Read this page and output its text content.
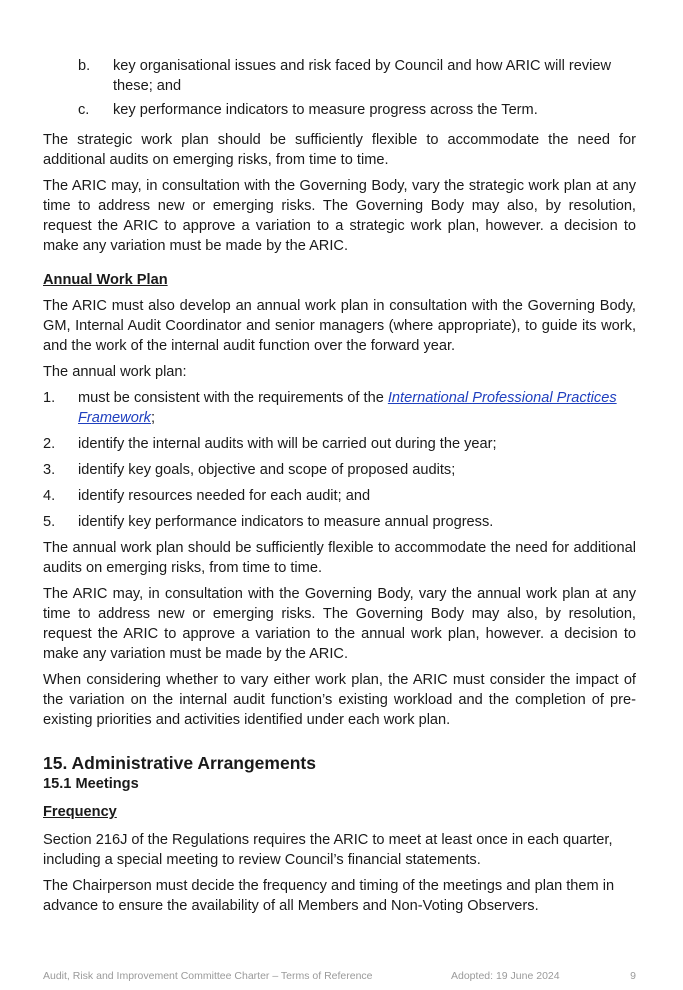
b.	key organisational issues and risk faced by Council and how ARIC will review these; and
c.	key performance indicators to measure progress across the Term.

The strategic work plan should be sufficiently flexible to accommodate the need for additional audits on emerging risks, from time to time.

The ARIC may, in consultation with the Governing Body, vary the strategic work plan at any time to address new or emerging risks. The Governing Body may also, by resolution, request the ARIC to approve a variation to a strategic work plan, however. a decision to make any variation must be made by the ARIC.

Annual Work Plan

The ARIC must also develop an annual work plan in consultation with the Governing Body, GM, Internal Audit Coordinator and senior managers (where appropriate), to guide its work, and the work of the internal audit function over the forward year.

The annual work plan:

1.	must be consistent with the requirements of the International Professional Practices Framework;
2.	identify the internal audits with will be carried out during the year;
3.	identify key goals, objective and scope of proposed audits;
4.	identify resources needed for each audit; and
5.	identify key performance indicators to measure annual progress.

The annual work plan should be sufficiently flexible to accommodate the need for additional audits on emerging risks, from time to time.

The ARIC may, in consultation with the Governing Body, vary the annual work plan at any time to address new or emerging risks. The Governing Body may also, by resolution, request the ARIC to approve a variation to the annual work plan, however. a decision to make any variation must be made by the ARIC.

When considering whether to vary either work plan, the ARIC must consider the impact of the variation on the internal audit function’s existing workload and the completion of pre-existing priorities and activities identified under each work plan.

15. Administrative Arrangements
15.1 Meetings

Frequency

Section 216J of the Regulations requires the ARIC to meet at least once in each quarter, including a special meeting to review Council’s financial statements.

The Chairperson must decide the frequency and timing of the meetings and plan them in advance to ensure the availability of all Members and Non-Voting Observers.

Audit, Risk and Improvement Committee Charter – Terms of Reference	Adopted: 19 June 2024	9
